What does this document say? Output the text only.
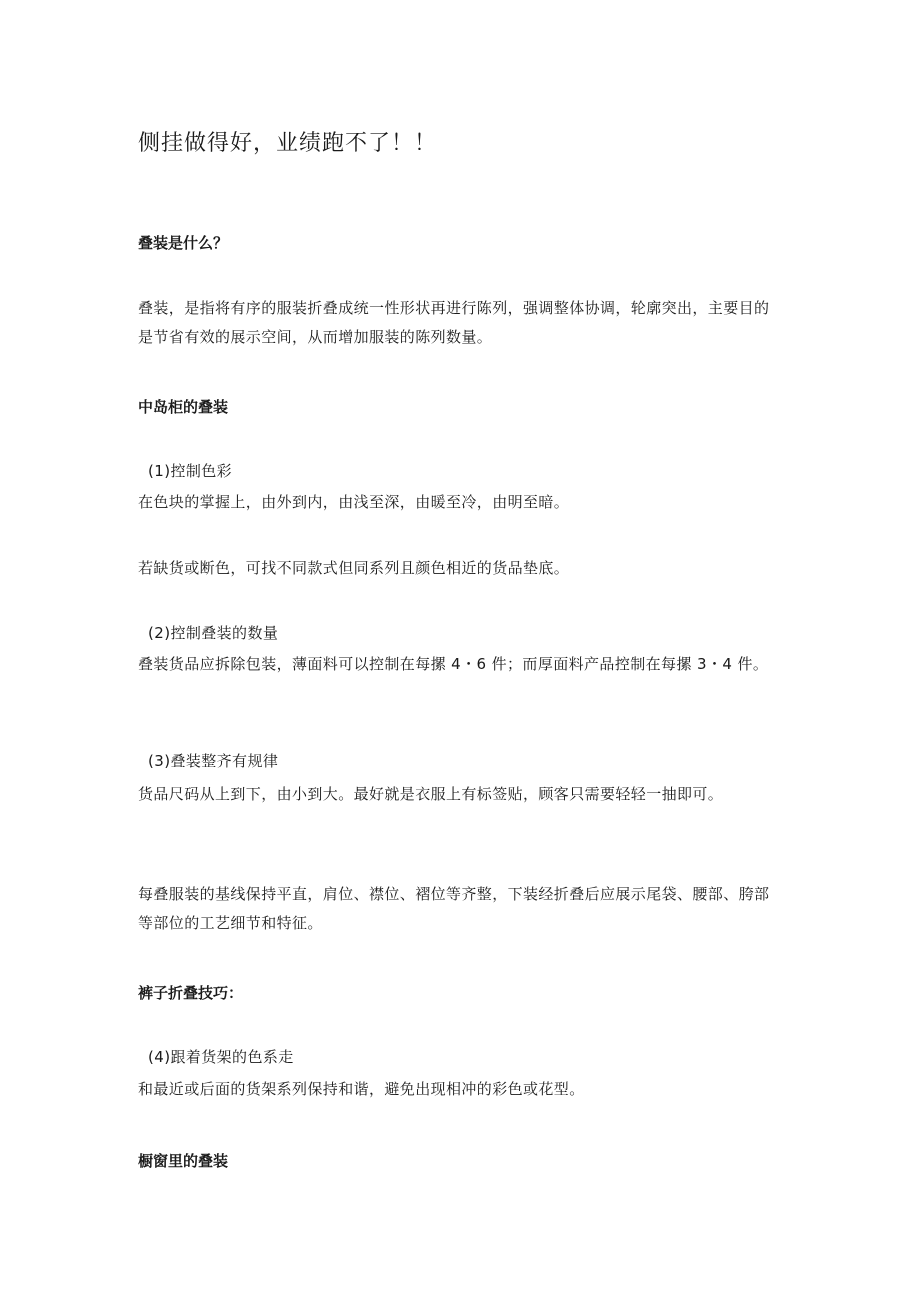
侧挂做得好，业绩跑不了！！
叠装是什么？

叠装，是指将有序的服装折叠成统一性形状再进行陈列，强调整体协调，轮廓突出，主要目的是节省有效的展示空间，从而增加服装的陈列数量。

中岛柜的叠装
(1)控制色彩

在色块的掌握上，由外到内，由浅至深，由暖至冷，由明至暗。

若缺货或断色，可找不同款式但同系列且颜色相近的货品垫底。

(2)控制叠装的数量

叠装货品应拆除包装，薄面料可以控制在每摞 4・6 件；而厚面料产品控制在每摞 3・4 件。

(3)叠装整齐有规律

货品尺码从上到下，由小到大。最好就是衣服上有标签贴，顾客只需要轻轻一抽即可。

每叠服装的基线保持平直，肩位、襟位、褶位等齐整，下装经折叠后应展示尾袋、腰部、胯部等部位的工艺细节和特征。

裤子折叠技巧：
(4)跟着货架的色系走

和最近或后面的货架系列保持和谐，避免出现相冲的彩色或花型。

橱窗里的叠装
